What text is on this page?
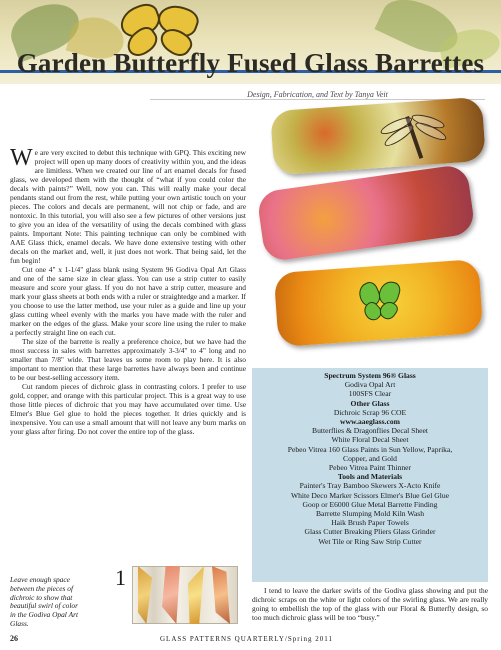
Garden Butterfly Fused Glass Barrettes
Design, Fabrication, and Text by Tanya Veit

We are very excited to debut this technique with GPQ. This exciting new project will open up many doors of creativity within you, and the ideas are limitless. When we created our line of art enamel decals for fused glass, we developed them with the thought of “what if you could color the decals with paints?” Well, now you can. This will really make your decal pendants stand out from the rest, while putting your own artistic touch on your pieces. The colors and decals are permanent, will not chip or fade, and are nontoxic. In this tutorial, you will also see a few pictures of other versions just to give you an idea of the versatility of using the decals combined with glass paints. Important Note: This painting technique can only be combined with AAE Glass thick, enamel decals. We have done extensive testing with other decals on the market and, well, it just does not work. That being said, let the fun begin!

Cut one 4" x 1-1/4" glass blank using System 96 Godiva Opal Art Glass and one of the same size in clear glass. You can use a strip cutter to easily measure and score your glass. If you do not have a strip cutter, measure and mark your glass sheets at both ends with a ruler or straightedge and a marker. If you choose to use the latter method, use your ruler as a guide and line up your glass cutting wheel evenly with the marks you have made with the ruler and marker on the edges of the glass. Make your score line using the ruler to make a perfectly straight line on each cut.

The size of the barrette is really a preference choice, but we have had the most success in sales with barrettes approximately 3-3/4" to 4" long and no smaller than 7/8" wide. That leaves us some room to play here. It is also important to mention that these large barrettes have always been and continue to be our best-selling accessory item.

Cut random pieces of dichroic glass in contrasting colors. I prefer to use gold, copper, and orange with this particular project. This is a great way to use those little pieces of dichroic that you may have accumulated over time. Use Elmer's Blue Gel glue to hold the pieces together. It dries quickly and is inexpensive. You can use a small amount that will not leave any burn marks on your glass after firing. Do not cover the entire top of the glass.

Spectrum System 96® Glass
Godiva Opal Art
100SFS Clear
Other Glass
Dichroic Scrap 96 COE
www.aaeglass.com
Butterflies & Dragonflies Decal Sheet
White Floral Decal Sheet
Pebeo Vitrea 160 Glass Paints in Sun Yellow, Paprika,
Copper, and Gold
Pebeo Vitrea Paint Thinner
Tools and Materials
Painter's Tray Bamboo Skewers X-Acto Knife
White Deco Marker Scissors Elmer's Blue Gel Glue
Goop or E6000 Glue Metal Barrette Finding
Barrette Slumping Mold Kiln Wash
Haik Brush Paper Towels
Glass Cutter Breaking Pliers Glass Grinder
Wet Tile or Ring Saw Strip Cutter
Leave enough space between the pieces of dichroic to show that beautiful swirl of color in the Godiva Opal Art Glass.
1

I tend to leave the darker swirls of the Godiva glass showing and put the dichroic scraps on the white or light colors of the swirling glass. We are really going to embellish the top of the glass with our Floral & Butterfly design, so too much dichroic glass will be too “busy.”

26	GLASS PATTERNS QUARTERLY/Spring 2011
